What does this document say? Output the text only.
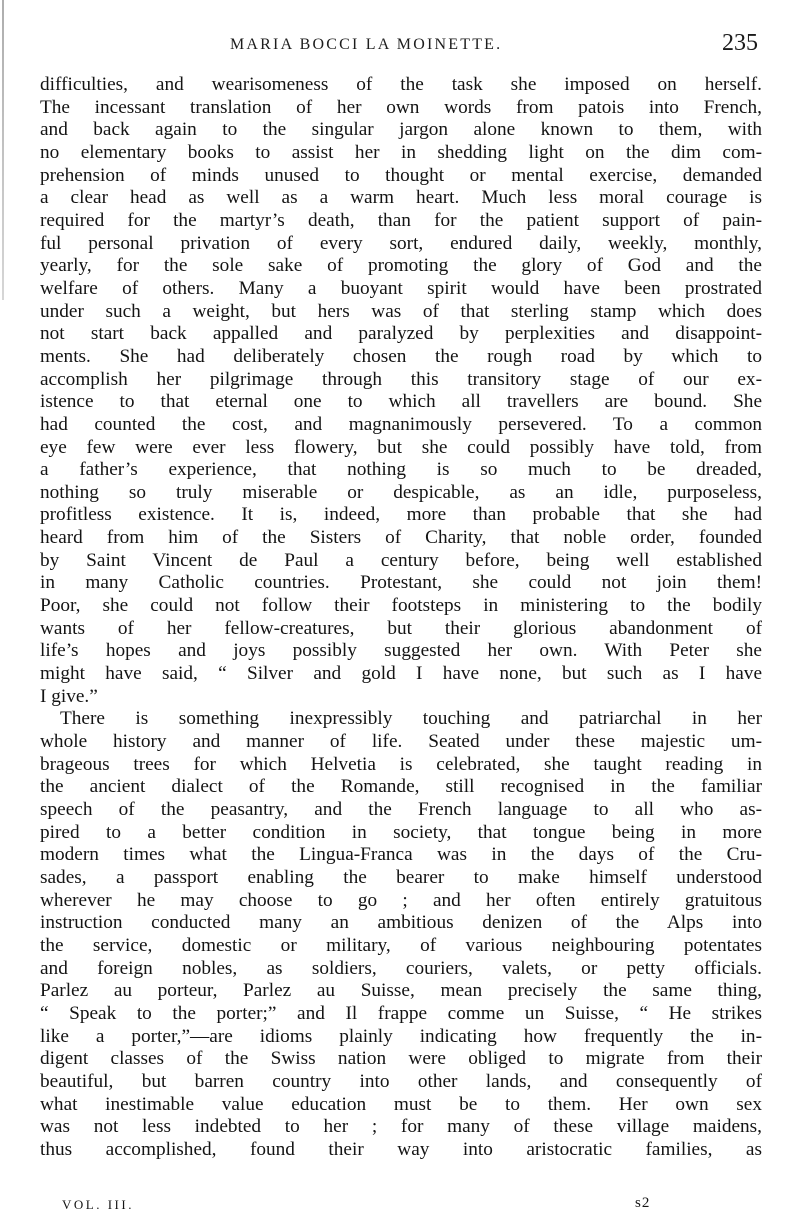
MARIA BOCCI LA MOINETTE.	235
difficulties, and wearisomeness of the task she imposed on herself.
The incessant translation of her own words from patois into French,
and back again to the singular jargon alone known to them, with
no elementary books to assist her in shedding light on the dim com-
prehension of minds unused to thought or mental exercise, demanded
a clear head as well as a warm heart. Much less moral courage is
required for the martyr’s death, than for the patient support of pain-
ful personal privation of every sort, endured daily, weekly, monthly,
yearly, for the sole sake of promoting the glory of God and the
welfare of others. Many a buoyant spirit would have been prostrated
under such a weight, but hers was of that sterling stamp which does
not start back appalled and paralyzed by perplexities and disappoint-
ments. She had deliberately chosen the rough road by which to
accomplish her pilgrimage through this transitory stage of our ex-
istence to that eternal one to which all travellers are bound. She
had counted the cost, and magnanimously persevered. To a common
eye few were ever less flowery, but she could possibly have told, from
a father’s experience, that nothing is so much to be dreaded,
nothing so truly miserable or despicable, as an idle, purposeless,
profitless existence. It is, indeed, more than probable that she had
heard from him of the Sisters of Charity, that noble order, founded
by Saint Vincent de Paul a century before, being well established
in many Catholic countries. Protestant, she could not join them!
Poor, she could not follow their footsteps in ministering to the bodily
wants of her fellow-creatures, but their glorious abandonment of
life’s hopes and joys possibly suggested her own. With Peter she
might have said, “ Silver and gold I have none, but such as I have
I give.”
There is something inexpressibly touching and patriarchal in her
whole history and manner of life. Seated under these majestic um-
brageous trees for which Helvetia is celebrated, she taught reading in
the ancient dialect of the Romande, still recognised in the familiar
speech of the peasantry, and the French language to all who as-
pired to a better condition in society, that tongue being in more
modern times what the Lingua-Franca was in the days of the Cru-
sades, a passport enabling the bearer to make himself understood
wherever he may choose to go ; and her often entirely gratuitous
instruction conducted many an ambitious denizen of the Alps into
the service, domestic or military, of various neighbouring potentates
and foreign nobles, as soldiers, couriers, valets, or petty officials.
Parlez au porteur, Parlez au Suisse, mean precisely the same thing,
“ Speak to the porter;” and Il frappe comme un Suisse, “ He strikes
like a porter,”—are idioms plainly indicating how frequently the in-
digent classes of the Swiss nation were obliged to migrate from their
beautiful, but barren country into other lands, and consequently of
what inestimable value education must be to them. Her own sex
was not less indebted to her ; for many of these village maidens,
thus accomplished, found their way into aristocratic families, as
VOL. III.	s2
